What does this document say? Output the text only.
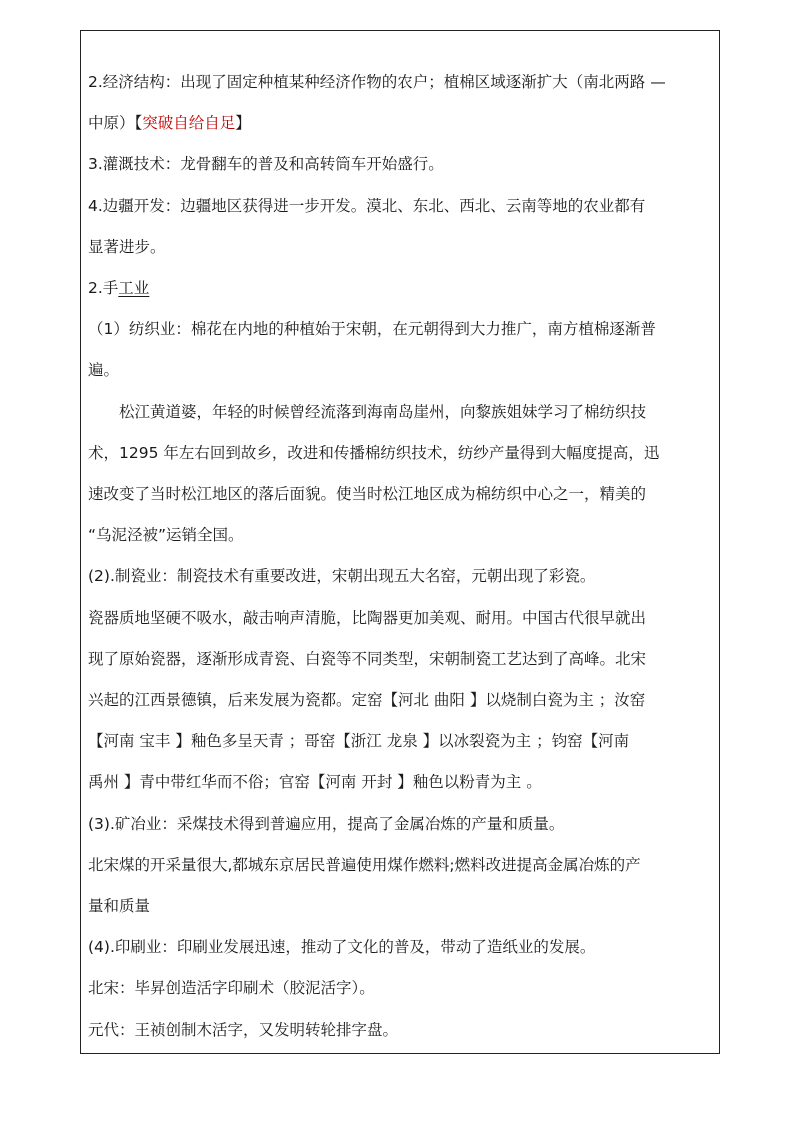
2.经济结构：出现了固定种植某种经济作物的农户；植棉区域逐渐扩大（南北两路 —

中原）【突破自给自足】

3.灌溉技术：龙骨翻车的普及和高转筒车开始盛行。

4.边疆开发：边疆地区获得进一步开发。漠北、东北、西北、云南等地的农业都有

显著进步。

2.手工业

（1）纺织业：棉花在内地的种植始于宋朝，在元朝得到大力推广，南方植棉逐渐普

遍。

松江黄道婆，年轻的时候曾经流落到海南岛崖州，向黎族姐妹学习了棉纺织技

术，1295 年左右回到故乡，改进和传播棉纺织技术，纺纱产量得到大幅度提高，迅

速改变了当时松江地区的落后面貌。使当时松江地区成为棉纺织中心之一，精美的

“乌泥泾被”运销全国。

(2).制瓷业：制瓷技术有重要改进，宋朝出现五大名窑，元朝出现了彩瓷。

瓷器质地坚硬不吸水，敲击响声清脆，比陶器更加美观、耐用。中国古代很早就出

现了原始瓷器，逐渐形成青瓷、白瓷等不同类型，宋朝制瓷工艺达到了高峰。北宋

兴起的江西景德镇，后来发展为瓷都。定窑【河北 曲阳 】以烧制白瓷为主 ；汝窑

【河南 宝丰 】釉色多呈天青 ；哥窑【浙江 龙泉 】以冰裂瓷为主 ；钧窑【河南

禹州 】青中带红华而不俗；官窑【河南 开封 】釉色以粉青为主 。

(3).矿冶业：采煤技术得到普遍应用，提高了金属冶炼的产量和质量。

北宋煤的开采量很大,都城东京居民普遍使用煤作燃料;燃料改进提高金属冶炼的产

量和质量

(4).印刷业：印刷业发展迅速，推动了文化的普及，带动了造纸业的发展。

北宋：毕昇创造活字印刷术（胶泥活字）。

元代：王祯创制木活字，又发明转轮排字盘。
